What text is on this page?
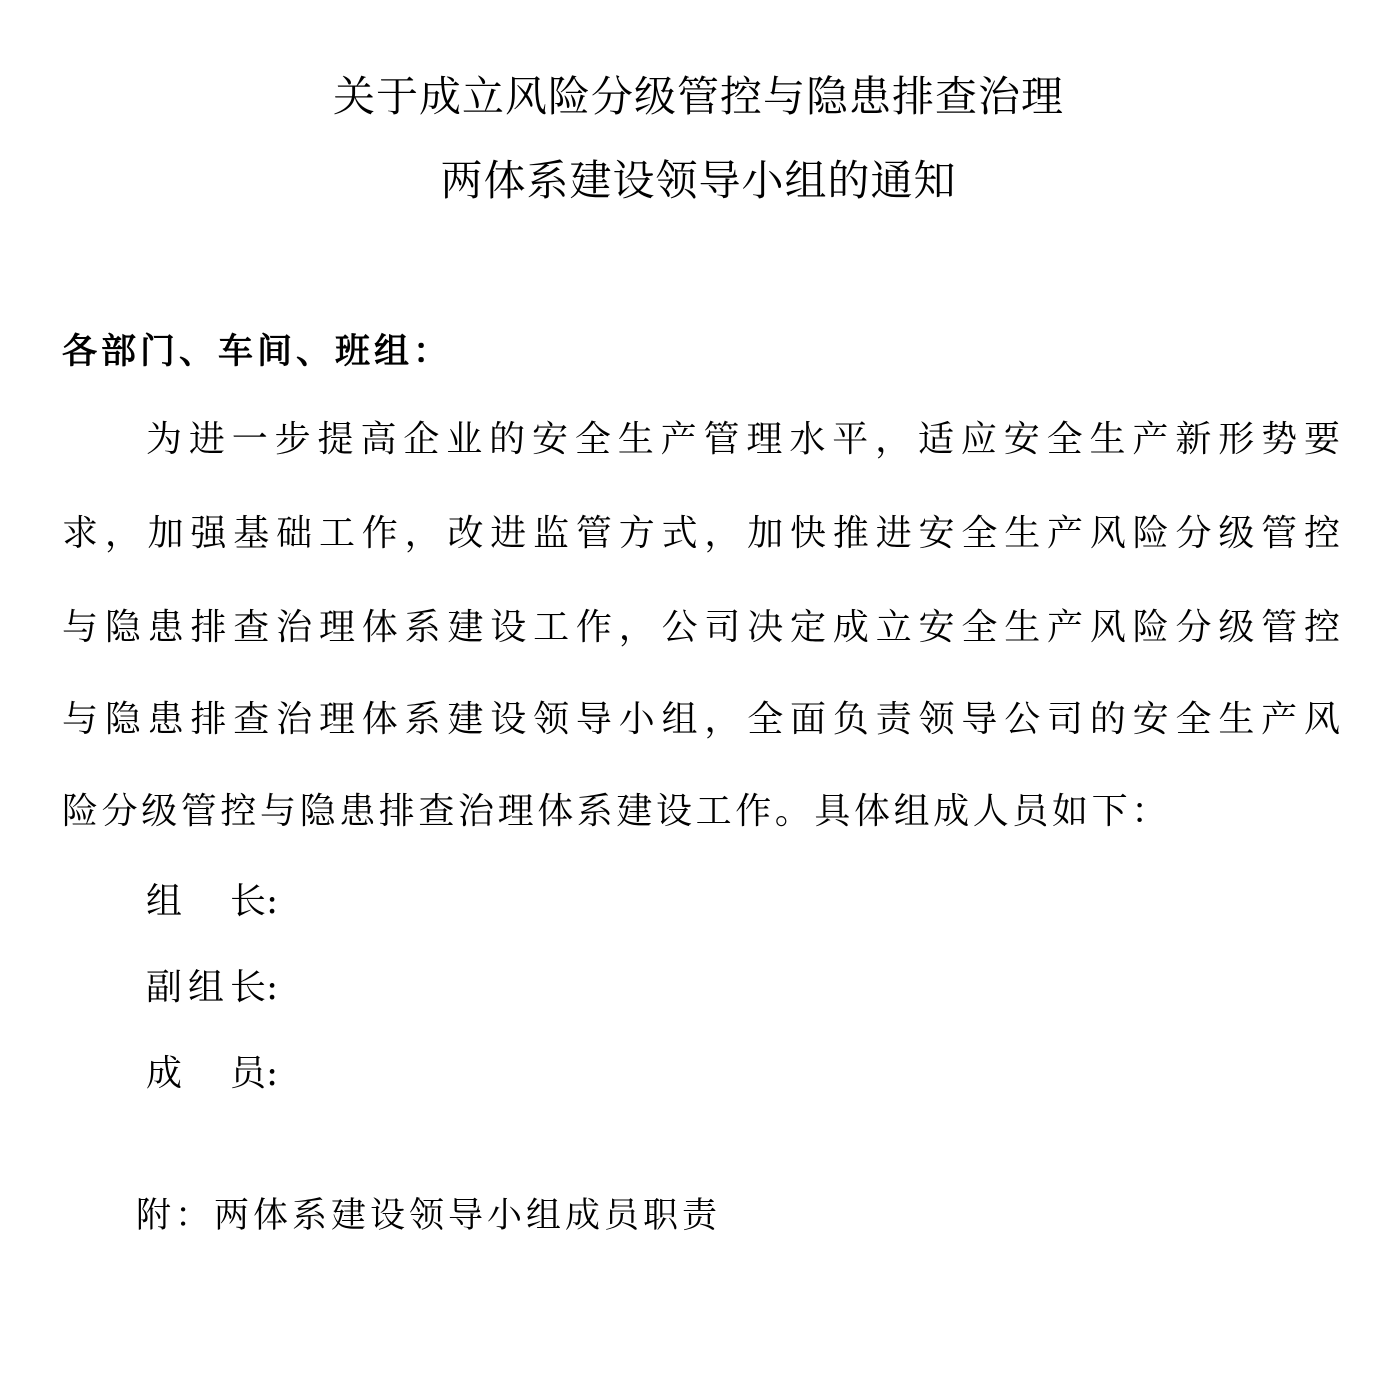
关于成立风险分级管控与隐患排查治理
两体系建设领导小组的通知
各部门、车间、班组：
为进一步提高企业的安全生产管理水平，适应安全生产新形势要
求，加强基础工作，改进监管方式，加快推进安全生产风险分级管控
与隐患排查治理体系建设工作，公司决定成立安全生产风险分级管控
与隐患排查治理体系建设领导小组，全面负责领导公司的安全生产风
险分级管控与隐患排查治理体系建设工作。具体组成人员如下：
组长 :
副组长 :
成员 :
附：两体系建设领导小组成员职责
